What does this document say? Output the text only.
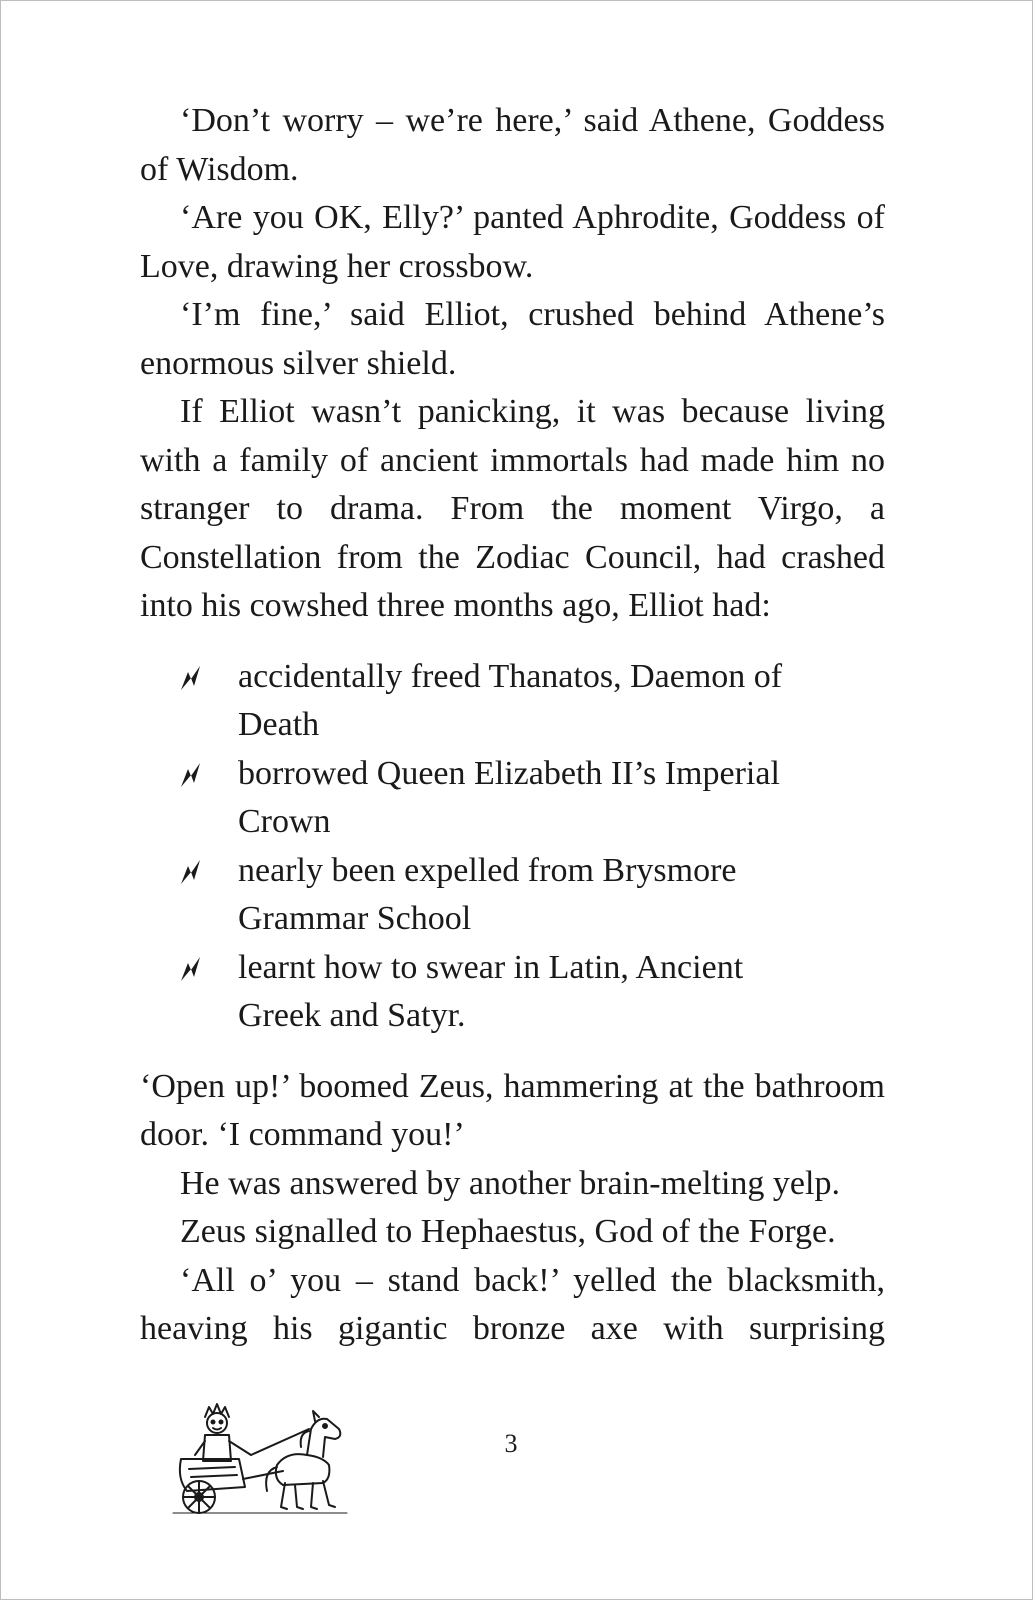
‘Don’t worry – we’re here,’ said Athene, Goddess of Wisdom.

‘Are you OK, Elly?’ panted Aphrodite, Goddess of Love, drawing her crossbow.

‘I’m fine,’ said Elliot, crushed behind Athene’s enormous silver shield.

If Elliot wasn’t panicking, it was because living with a family of ancient immortals had made him no stranger to drama. From the moment Virgo, a Constellation from the Zodiac Council, had crashed into his cowshed three months ago, Elliot had:

accidentally freed Thanatos, Daemon of Death
borrowed Queen Elizabeth II’s Imperial Crown
nearly been expelled from Brysmore Grammar School
learnt how to swear in Latin, Ancient Greek and Satyr.

‘Open up!’ boomed Zeus, hammering at the bathroom door. ‘I command you!’

He was answered by another brain-melting yelp.

Zeus signalled to Hephaestus, God of the Forge.

‘All o’ you – stand back!’ yelled the blacksmith, heaving his gigantic bronze axe with surprising

3
